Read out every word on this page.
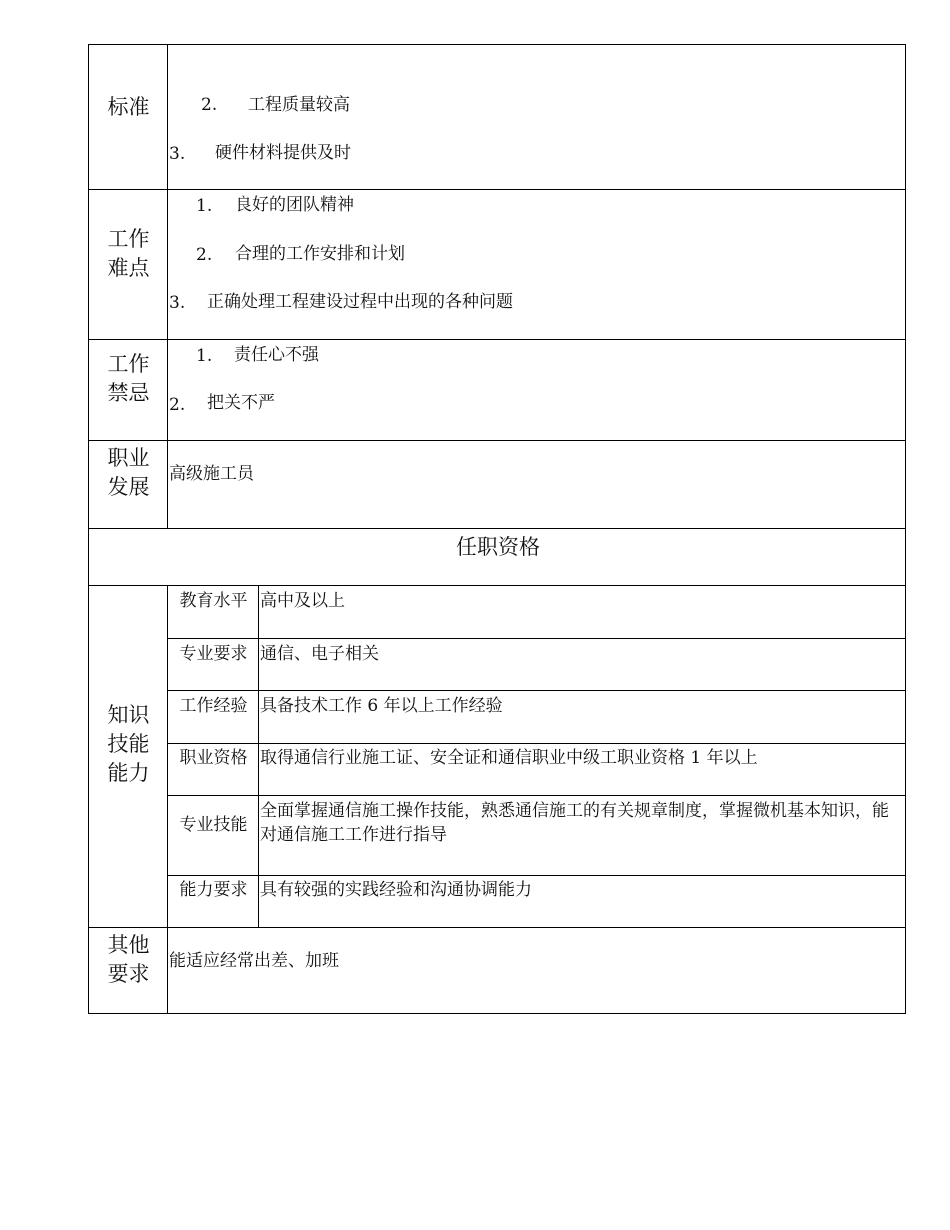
标准	2. 工程质量较高
3. 硬件材料提供及时
工作
难点
1. 良好的团队精神
2. 合理的工作安排和计划
3. 正确处理工程建设过程中出现的各种问题
工作
禁忌
1. 责任心不强
2. 把关不严
职业
发展
高级施工员
任职资格
知识
技能
能力
教育水平 高中及以上
专业要求 通信、电子相关
工作经验 具备技术工作 6 年以上工作经验
职业资格 取得通信行业施工证、安全证和通信职业中级工职业资格 1 年以上
专业技能
全面掌握通信施工操作技能，熟悉通信施工的有关规章制度，掌握微机基本知识，能对通信施工工作进行指导
能力要求 具有较强的实践经验和沟通协调能力
其他
要求
能适应经常出差、加班
